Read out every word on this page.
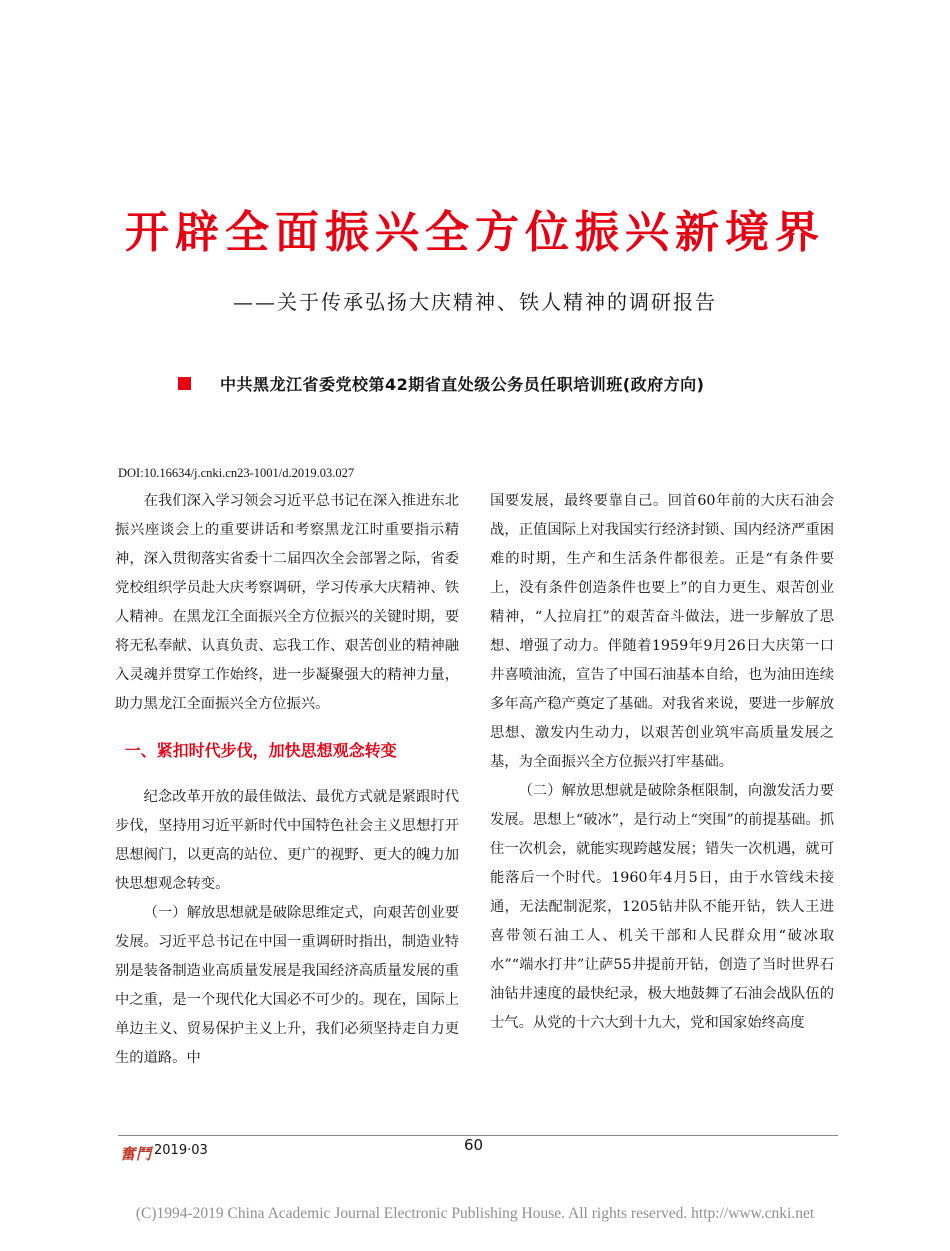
开辟全面振兴全方位振兴新境界
——关于传承弘扬大庆精神、铁人精神的调研报告
中共黑龙江省委党校第42期省直处级公务员任职培训班(政府方向)
DOI:10.16634/j.cnki.cn23-1001/d.2019.03.027

在我们深入学习领会习近平总书记在深入推进东北振兴座谈会上的重要讲话和考察黑龙江时重要指示精神，深入贯彻落实省委十二届四次全会部署之际，省委党校组织学员赴大庆考察调研，学习传承大庆精神、铁人精神。在黑龙江全面振兴全方位振兴的关键时期，要将无私奉献、认真负责、忘我工作、艰苦创业的精神融入灵魂并贯穿工作始终，进一步凝聚强大的精神力量，助力黑龙江全面振兴全方位振兴。

一、紧扣时代步伐，加快思想观念转变

纪念改革开放的最佳做法、最优方式就是紧跟时代步伐，坚持用习近平新时代中国特色社会主义思想打开思想阀门，以更高的站位、更广的视野、更大的魄力加快思想观念转变。

（一）解放思想就是破除思维定式，向艰苦创业要发展。习近平总书记在中国一重调研时指出，制造业特别是装备制造业高质量发展是我国经济高质量发展的重中之重，是一个现代化大国必不可少的。现在，国际上单边主义、贸易保护主义上升，我们必须坚持走自力更生的道路。中

国要发展，最终要靠自己。回首60年前的大庆石油会战，正值国际上对我国实行经济封锁、国内经济严重困难的时期，生产和生活条件都很差。正是“有条件要上，没有条件创造条件也要上”的自力更生、艰苦创业精神，“人拉肩扛”的艰苦奋斗做法，进一步解放了思想、增强了动力。伴随着1959年9月26日大庆第一口井喜喷油流，宣告了中国石油基本自给，也为油田连续多年高产稳产奠定了基础。对我省来说，要进一步解放思想、激发内生动力，以艰苦创业筑牢高质量发展之基，为全面振兴全方位振兴打牢基础。

（二）解放思想就是破除条框限制，向激发活力要发展。思想上“破冰”，是行动上“突围”的前提基础。抓住一次机会，就能实现跨越发展；错失一次机遇，就可能落后一个时代。1960年4月5日，由于水管线未接通，无法配制泥浆，1205钻井队不能开钻，铁人王进喜带领石油工人、机关干部和人民群众用“破冰取水”“端水打井”让萨55井提前开钻，创造了当时世界石油钻井速度的最快纪录，极大地鼓舞了石油会战队伍的士气。从党的十六大到十九大，党和国家始终高度

奮鬥 2019·03	60
(C)1994-2019 China Academic Journal Electronic Publishing House. All rights reserved. http://www.cnki.net
